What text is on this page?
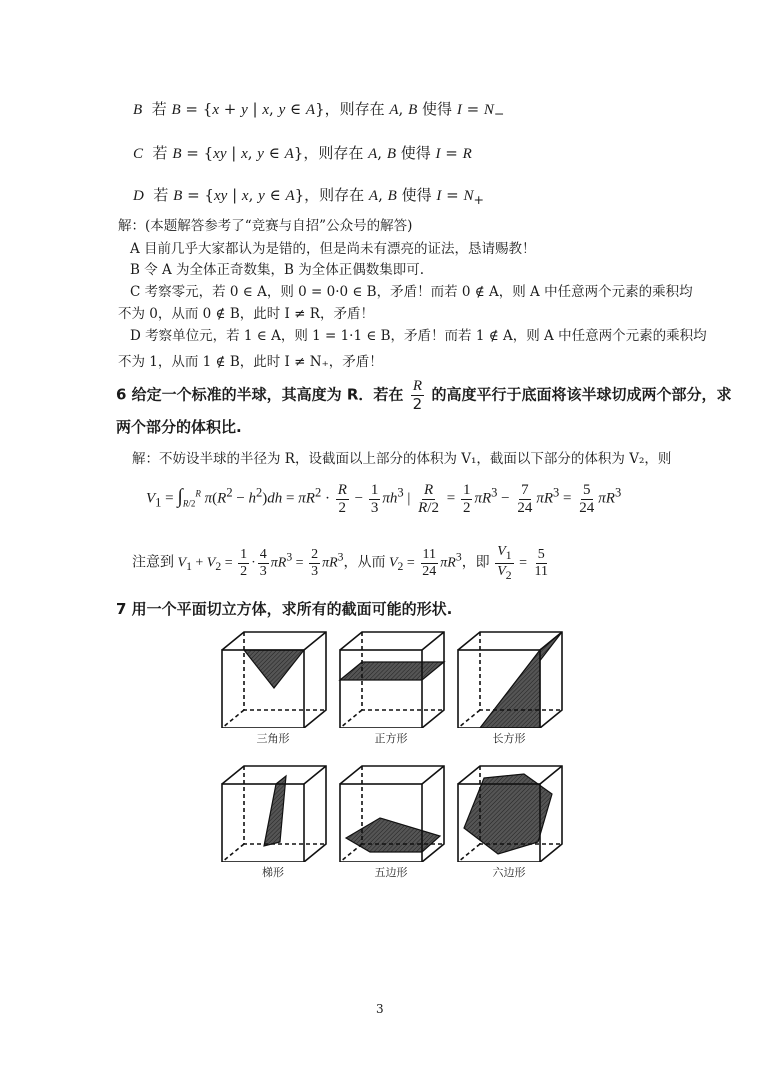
B  若 B = {x + y | x, y ∈ A}，则存在 A, B 使得 $I = N_-$
C  若 B = {xy | x, y ∈ A}，则存在 A, B 使得 I = R
D  若 B = {xy | x, y ∈ A}，则存在 A, B 使得 $I = N_+$
解：(本题解答参考了“竞赛与自招”公众号的解答)
A 目前几乎大家都认为是错的，但是尚未有漂亮的证法，恳请赐教！
B 令 A 为全体正奇数集，B 为全体正偶数集即可.
C 考察零元，若 0 ∈ A，则 0 = 0·0 ∈ B，矛盾！而若 0 ∉ A，则 A 中任意两个元素的乘积均
不为 0，从而 0 ∉ B，此时 I ≠ R，矛盾！
D 考察单位元，若 1 ∈ A，则 1 = 1·1 ∈ B，矛盾！而若 1 ∉ A，则 A 中任意两个元素的乘积均
不为 1，从而 1 ∉ B，此时 I ≠ N₊，矛盾！
6 给定一个标准的半球，其高度为 R．若在 $\frac{R}{2}$ 的高度平行于底面将该半球切成两个部分，求
两个部分的体积比.
解：不妨设半球的半径为 R，设截面以上部分的体积为 V₁，截面以下部分的体积为 V₂，则
$V_1 = \int_{R/2}^R$ $\pi(R^2 - h^2)dh = \pi R^2 \cdot \frac{R}{2} - \frac{1}{3} \pi h^3$ | $\frac{R}{R/2} = \frac{1}{2} \pi R^3 - \frac{7}{24} \pi R^3 = \frac{5}{24} \pi R^3$
注意到 $V_1 + V_2 = \frac{1}{2} \cdot \frac{4}{3} \pi R^3 = \frac{2}{3} \pi R^3$，从而 $V_2 = \frac{11}{24} \pi R^3$，即 $\frac{V_1}{V_2} = \frac{5}{11}$
7 用一个平面切立方体，求所有的截面可能的形状.
三角形	正方形	长方形
梯形	五边形	六边形
3
